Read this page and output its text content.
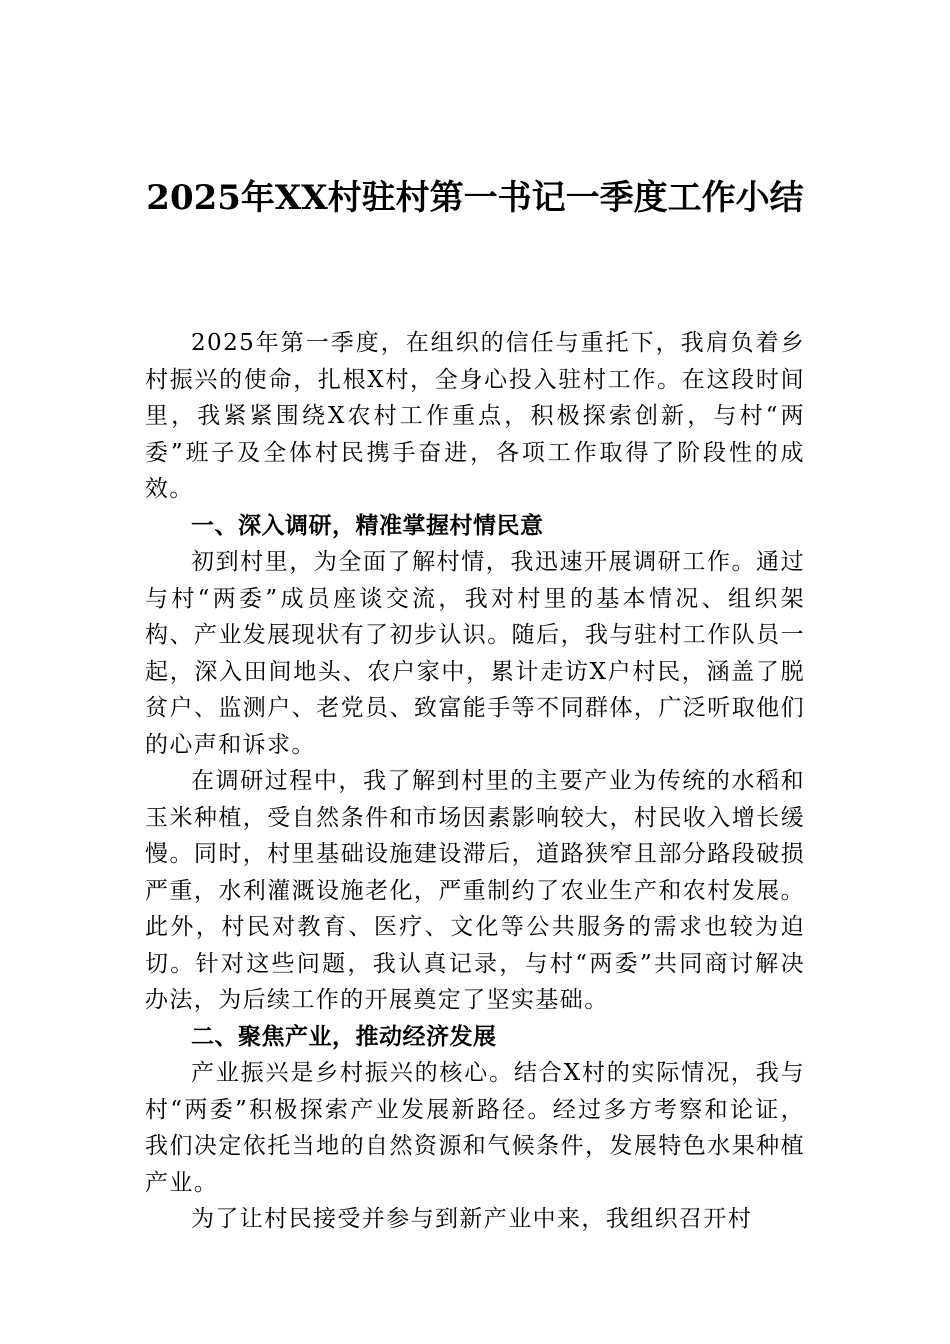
2025年XX村驻村第一书记一季度工作小结

2025年第一季度，在组织的信任与重托下，我肩负着乡村振兴的使命，扎根X村，全身心投入驻村工作。在这段时间里，我紧紧围绕X农村工作重点，积极探索创新，与村“两委”班子及全体村民携手奋进，各项工作取得了阶段性的成效。

一、深入调研，精准掌握村情民意

初到村里，为全面了解村情，我迅速开展调研工作。通过与村“两委”成员座谈交流，我对村里的基本情况、组织架构、产业发展现状有了初步认识。随后，我与驻村工作队员一起，深入田间地头、农户家中，累计走访X户村民，涵盖了脱贫户、监测户、老党员、致富能手等不同群体，广泛听取他们的心声和诉求。

在调研过程中，我了解到村里的主要产业为传统的水稻和玉米种植，受自然条件和市场因素影响较大，村民收入增长缓慢。同时，村里基础设施建设滞后，道路狭窄且部分路段破损严重，水利灌溉设施老化，严重制约了农业生产和农村发展。此外，村民对教育、医疗、文化等公共服务的需求也较为迫切。针对这些问题，我认真记录，与村“两委”共同商讨解决办法，为后续工作的开展奠定了坚实基础。

二、聚焦产业，推动经济发展

产业振兴是乡村振兴的核心。结合X村的实际情况，我与村“两委”积极探索产业发展新路径。经过多方考察和论证，我们决定依托当地的自然资源和气候条件，发展特色水果种植产业。

为了让村民接受并参与到新产业中来，我组织召开村
